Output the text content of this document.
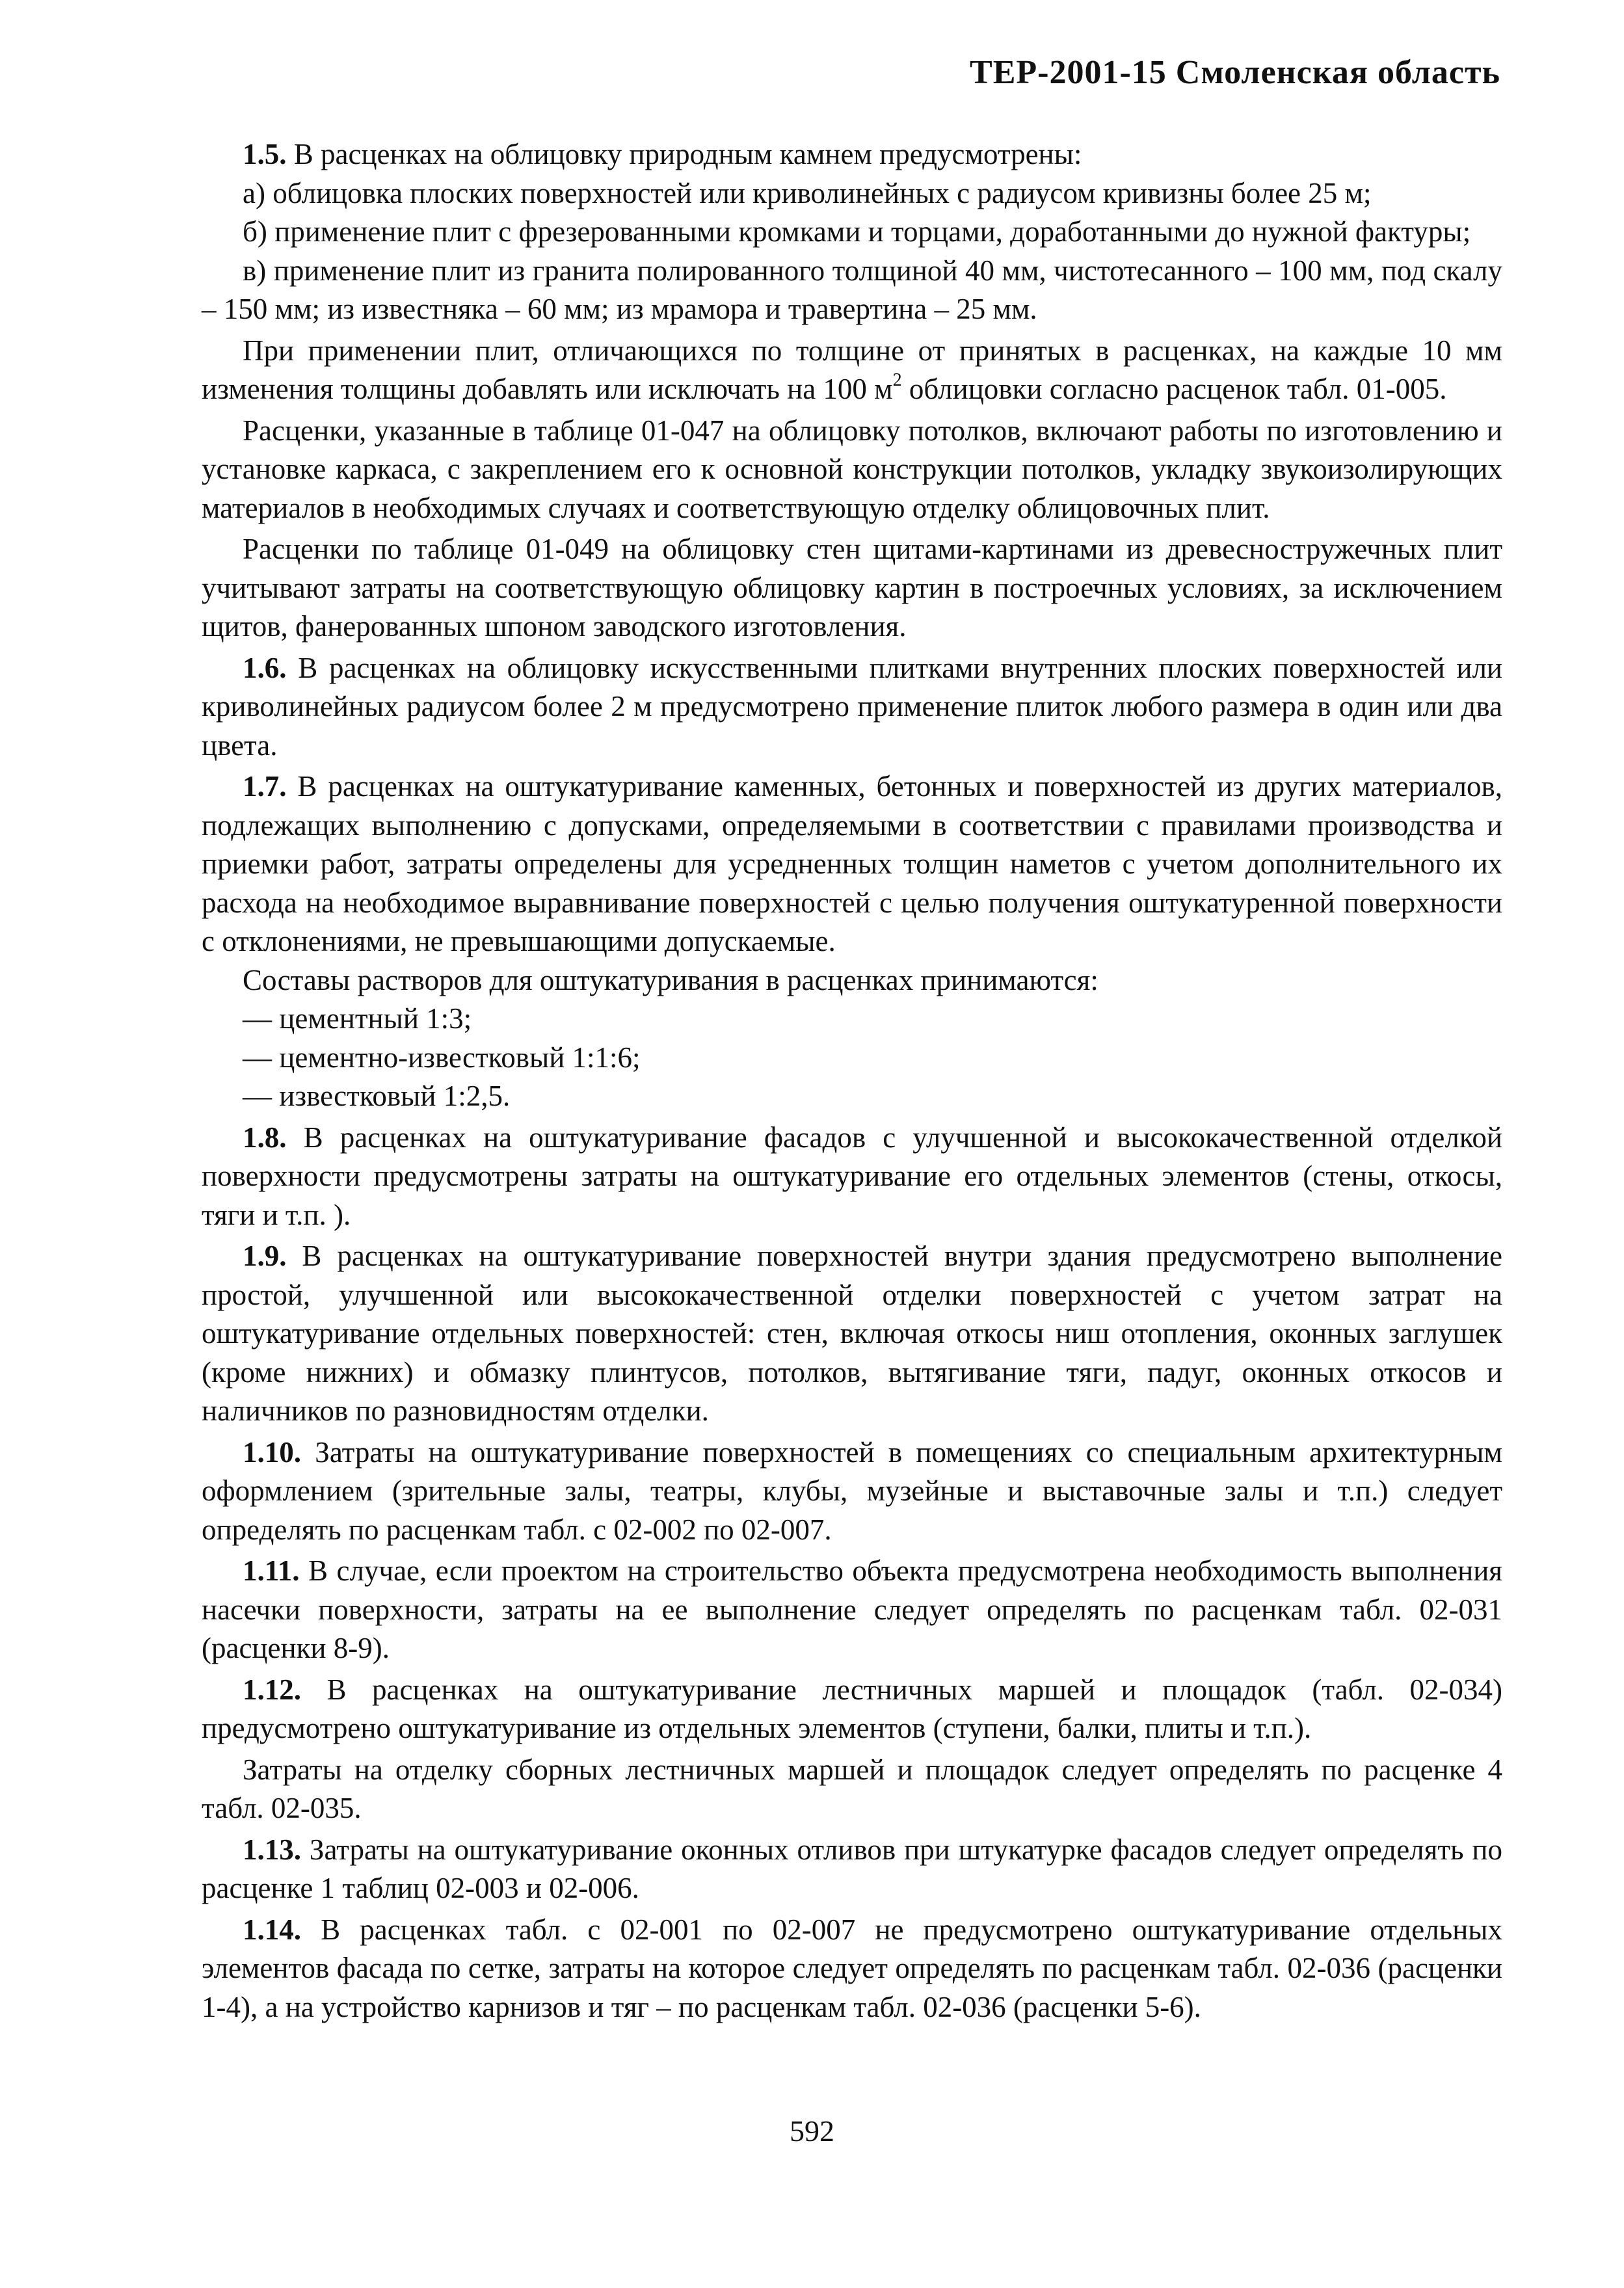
ТЕР-2001-15 Смоленская область

1.5. В расценках на облицовку природным камнем предусмотрены:

а) облицовка плоских поверхностей или криволинейных с радиусом кривизны более 25 м;

б) применение плит с фрезерованными кромками и торцами, доработанными до нужной фактуры;

в) применение плит из гранита полированного толщиной 40 мм, чистотесанного – 100 мм, под скалу – 150 мм; из известняка – 60 мм; из мрамора и травертина – 25 мм.

При применении плит, отличающихся по толщине от принятых в расценках, на каждые 10 мм изменения толщины добавлять или исключать на 100 $м^2$ облицовки согласно расценок табл. 01-005.

Расценки, указанные в таблице 01-047 на облицовку потолков, включают работы по изготовлению и установке каркаса, с закреплением его к основной конструкции потолков, укладку звукоизолирующих материалов в необходимых случаях и соответствующую отделку облицовочных плит.

Расценки по таблице 01-049 на облицовку стен щитами-картинами из древесностружечных плит учитывают затраты на соответствующую облицовку картин в построечных условиях, за исключением щитов, фанерованных шпоном заводского изготовления.

1.6. В расценках на облицовку искусственными плитками внутренних плоских поверхностей или криволинейных радиусом более 2 м предусмотрено применение плиток любого размера в один или два цвета.

1.7. В расценках на оштукатуривание каменных, бетонных и поверхностей из других материалов, подлежащих выполнению с допусками, определяемыми в соответствии с правилами производства и приемки работ, затраты определены для усредненных толщин наметов с учетом дополнительного их расхода на необходимое выравнивание поверхностей с целью получения оштукатуренной поверхности с отклонениями, не превышающими допускаемые.

Составы растворов для оштукатуривания в расценках принимаются:

— цементный 1:3;

— цементно-известковый 1:1:6;

— известковый 1:2,5.

1.8. В расценках на оштукатуривание фасадов с улучшенной и высококачественной отделкой поверхности предусмотрены затраты на оштукатуривание его отдельных элементов (стены, откосы, тяги и т.п. ).

1.9. В расценках на оштукатуривание поверхностей внутри здания предусмотрено выполнение простой, улучшенной или высококачественной отделки поверхностей с учетом затрат на оштукатуривание отдельных поверхностей: стен, включая откосы ниш отопления, оконных заглушек (кроме нижних) и обмазку плинтусов, потолков, вытягивание тяги, падуг, оконных откосов и наличников по разновидностям отделки.

1.10. Затраты на оштукатуривание поверхностей в помещениях со специальным архитектурным оформлением (зрительные залы, театры, клубы, музейные и выставочные залы и т.п.) следует определять по расценкам табл. с 02-002 по 02-007.

1.11. В случае, если проектом на строительство объекта предусмотрена необходимость выполнения насечки поверхности, затраты на ее выполнение следует определять по расценкам табл. 02-031 (расценки 8-9).

1.12. В расценках на оштукатуривание лестничных маршей и площадок (табл. 02-034) предусмотрено оштукатуривание из отдельных элементов (ступени, балки, плиты и т.п.).

Затраты на отделку сборных лестничных маршей и площадок следует определять по расценке 4 табл. 02-035.

1.13. Затраты на оштукатуривание оконных отливов при штукатурке фасадов следует определять по расценке 1 таблиц 02-003 и 02-006.

1.14. В расценках табл. с 02-001 по 02-007 не предусмотрено оштукатуривание отдельных элементов фасада по сетке, затраты на которое следует определять по расценкам табл. 02-036 (расценки 1-4), а на устройство карнизов и тяг – по расценкам табл. 02-036 (расценки 5-6).

592
